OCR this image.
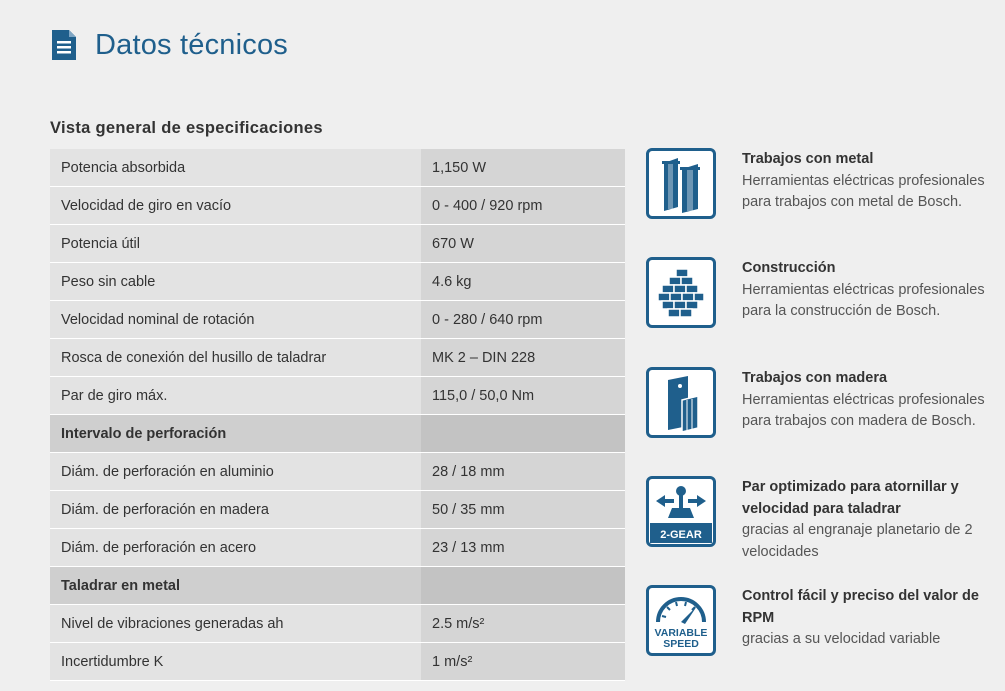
Datos técnicos
Vista general de especificaciones
Potencia absorbida	1,150 W
Velocidad de giro en vacío	0 - 400 / 920 rpm
Potencia útil	670 W
Peso sin cable	4.6 kg
Velocidad nominal de rotación	0 - 280 / 640 rpm
Rosca de conexión del husillo de taladrar	MK 2 – DIN 228
Par de giro máx.	115,0 / 50,0 Nm
Intervalo de perforación	
Diám. de perforación en aluminio	28 / 18 mm
Diám. de perforación en madera	50 / 35 mm
Diám. de perforación en acero	23 / 13 mm
Taladrar en metal	
Nivel de vibraciones generadas ah	2.5 m/s²
Incertidumbre K	1 m/s²
Trabajos con metal
Herramientas eléctricas profesionales para trabajos con metal de Bosch.
Construcción
Herramientas eléctricas profesionales para la construcción de Bosch.
Trabajos con madera
Herramientas eléctricas profesionales para trabajos con madera de Bosch.
2-GEAR
Par optimizado para atornillar y velocidad para taladrar
gracias al engranaje planetario de 2 velocidades
VARIABLE
SPEED
Control fácil y preciso del valor de RPM
gracias a su velocidad variable
